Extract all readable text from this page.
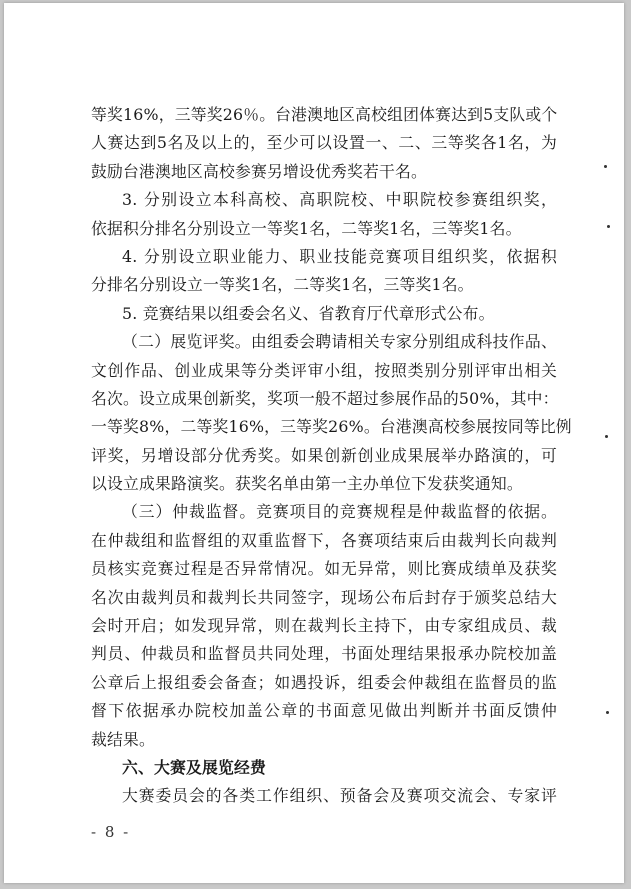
等奖16%，三等奖26％。台港澳地区高校组团体赛达到5支队或个
人赛达到5名及以上的，至少可以设置一、二、三等奖各1名，为
鼓励台港澳地区高校参赛另增设优秀奖若干名。
3. 分别设立本科高校、高职院校、中职院校参赛组织奖，
依据积分排名分别设立一等奖1名，二等奖1名，三等奖1名。
4. 分别设立职业能力、职业技能竞赛项目组织奖，依据积
分排名分别设立一等奖1名，二等奖1名，三等奖1名。
5. 竞赛结果以组委会名义、省教育厅代章形式公布。
（二）展览评奖。由组委会聘请相关专家分别组成科技作品、
文创作品、创业成果等分类评审小组，按照类别分别评审出相关
名次。设立成果创新奖，奖项一般不超过参展作品的50%，其中：
一等奖8%，二等奖16%，三等奖26%。台港澳高校参展按同等比例
评奖，另增设部分优秀奖。如果创新创业成果展举办路演的，可
以设立成果路演奖。获奖名单由第一主办单位下发获奖通知。
（三）仲裁监督。竞赛项目的竞赛规程是仲裁监督的依据。
在仲裁组和监督组的双重监督下，各赛项结束后由裁判长向裁判
员核实竞赛过程是否异常情况。如无异常，则比赛成绩单及获奖
名次由裁判员和裁判长共同签字，现场公布后封存于颁奖总结大
会时开启；如发现异常，则在裁判长主持下，由专家组成员、裁
判员、仲裁员和监督员共同处理，书面处理结果报承办院校加盖
公章后上报组委会备查；如遇投诉，组委会仲裁组在监督员的监
督下依据承办院校加盖公章的书面意见做出判断并书面反馈仲
裁结果。
六、大赛及展览经费
大赛委员会的各类工作组织、预备会及赛项交流会、专家评
- 8 -
